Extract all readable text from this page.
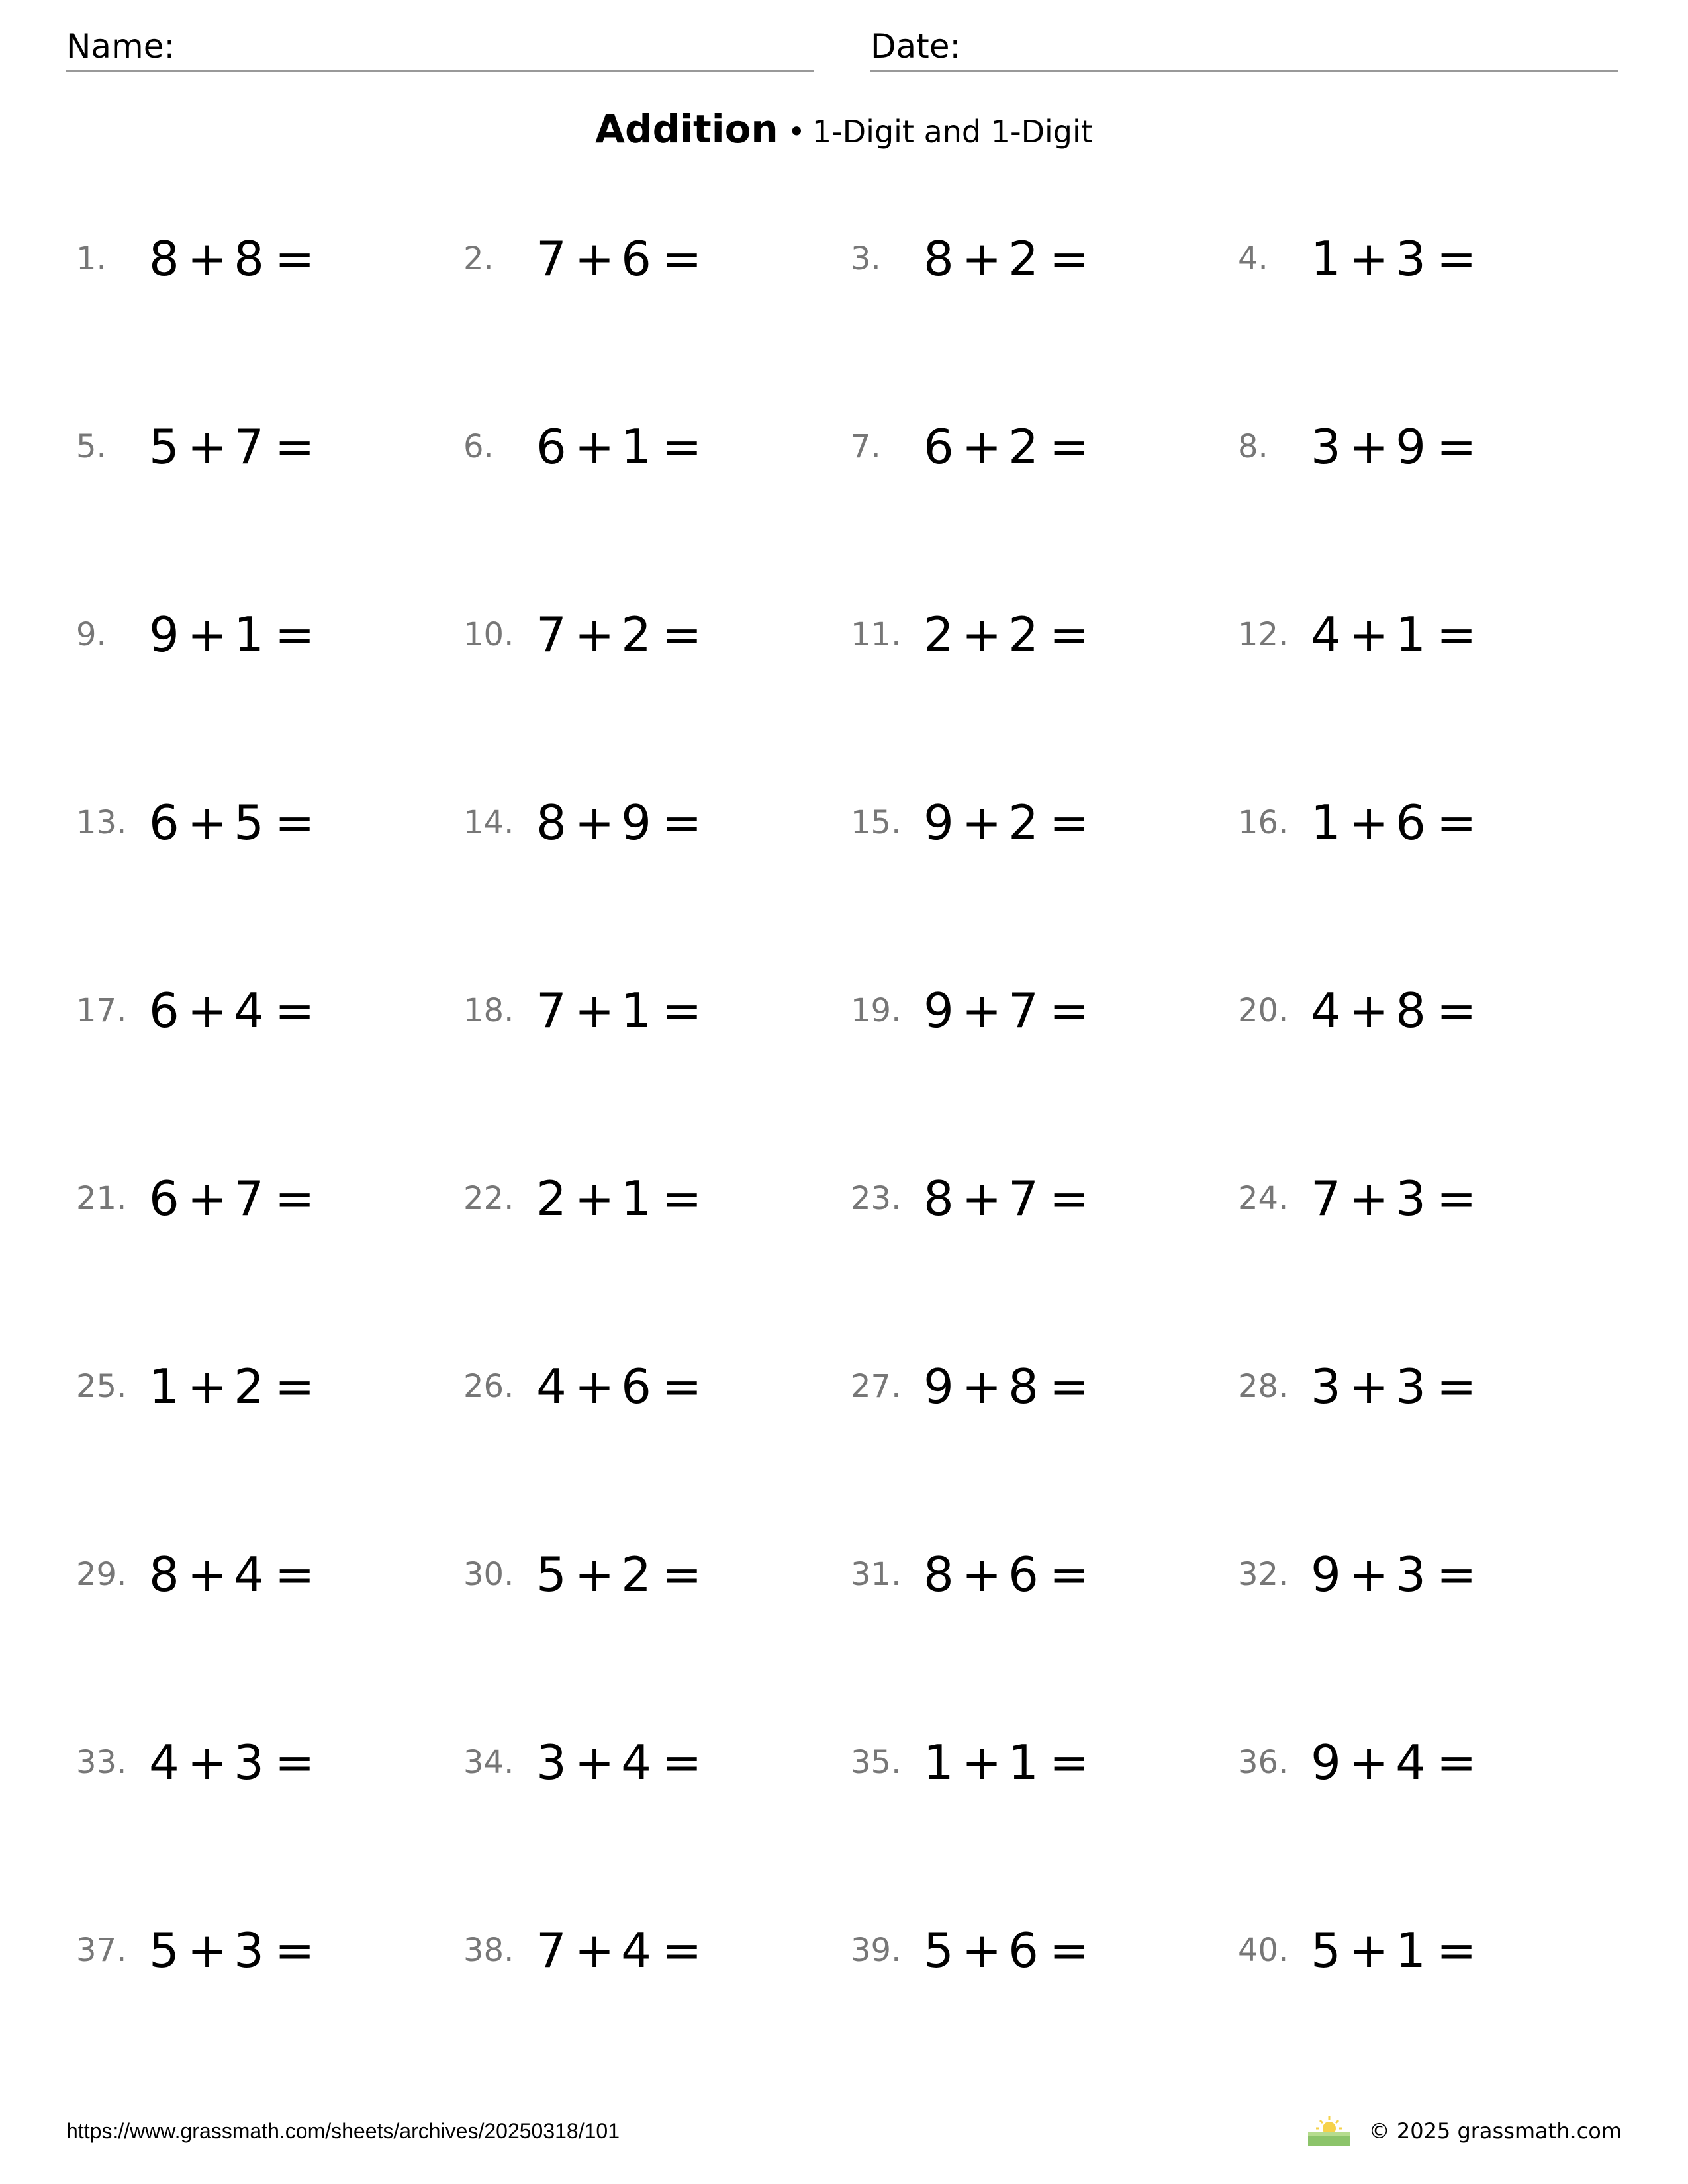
Name:	Date:
Addition • 1-Digit and 1-Digit
1. 8 + 8 =	2. 7 + 6 =	3. 8 + 2 =	4. 1 + 3 =
5. 5 + 7 =	6. 6 + 1 =	7. 6 + 2 =	8. 3 + 9 =
9. 9 + 1 =	10. 7 + 2 =	11. 2 + 2 =	12. 4 + 1 =
13. 6 + 5 =	14. 8 + 9 =	15. 9 + 2 =	16. 1 + 6 =
17. 6 + 4 =	18. 7 + 1 =	19. 9 + 7 =	20. 4 + 8 =
21. 6 + 7 =	22. 2 + 1 =	23. 8 + 7 =	24. 7 + 3 =
25. 1 + 2 =	26. 4 + 6 =	27. 9 + 8 =	28. 3 + 3 =
29. 8 + 4 =	30. 5 + 2 =	31. 8 + 6 =	32. 9 + 3 =
33. 4 + 3 =	34. 3 + 4 =	35. 1 + 1 =	36. 9 + 4 =
37. 5 + 3 =	38. 7 + 4 =	39. 5 + 6 =	40. 5 + 1 =
https://www.grassmath.com/sheets/archives/20250318/101	© 2025 grassmath.com
